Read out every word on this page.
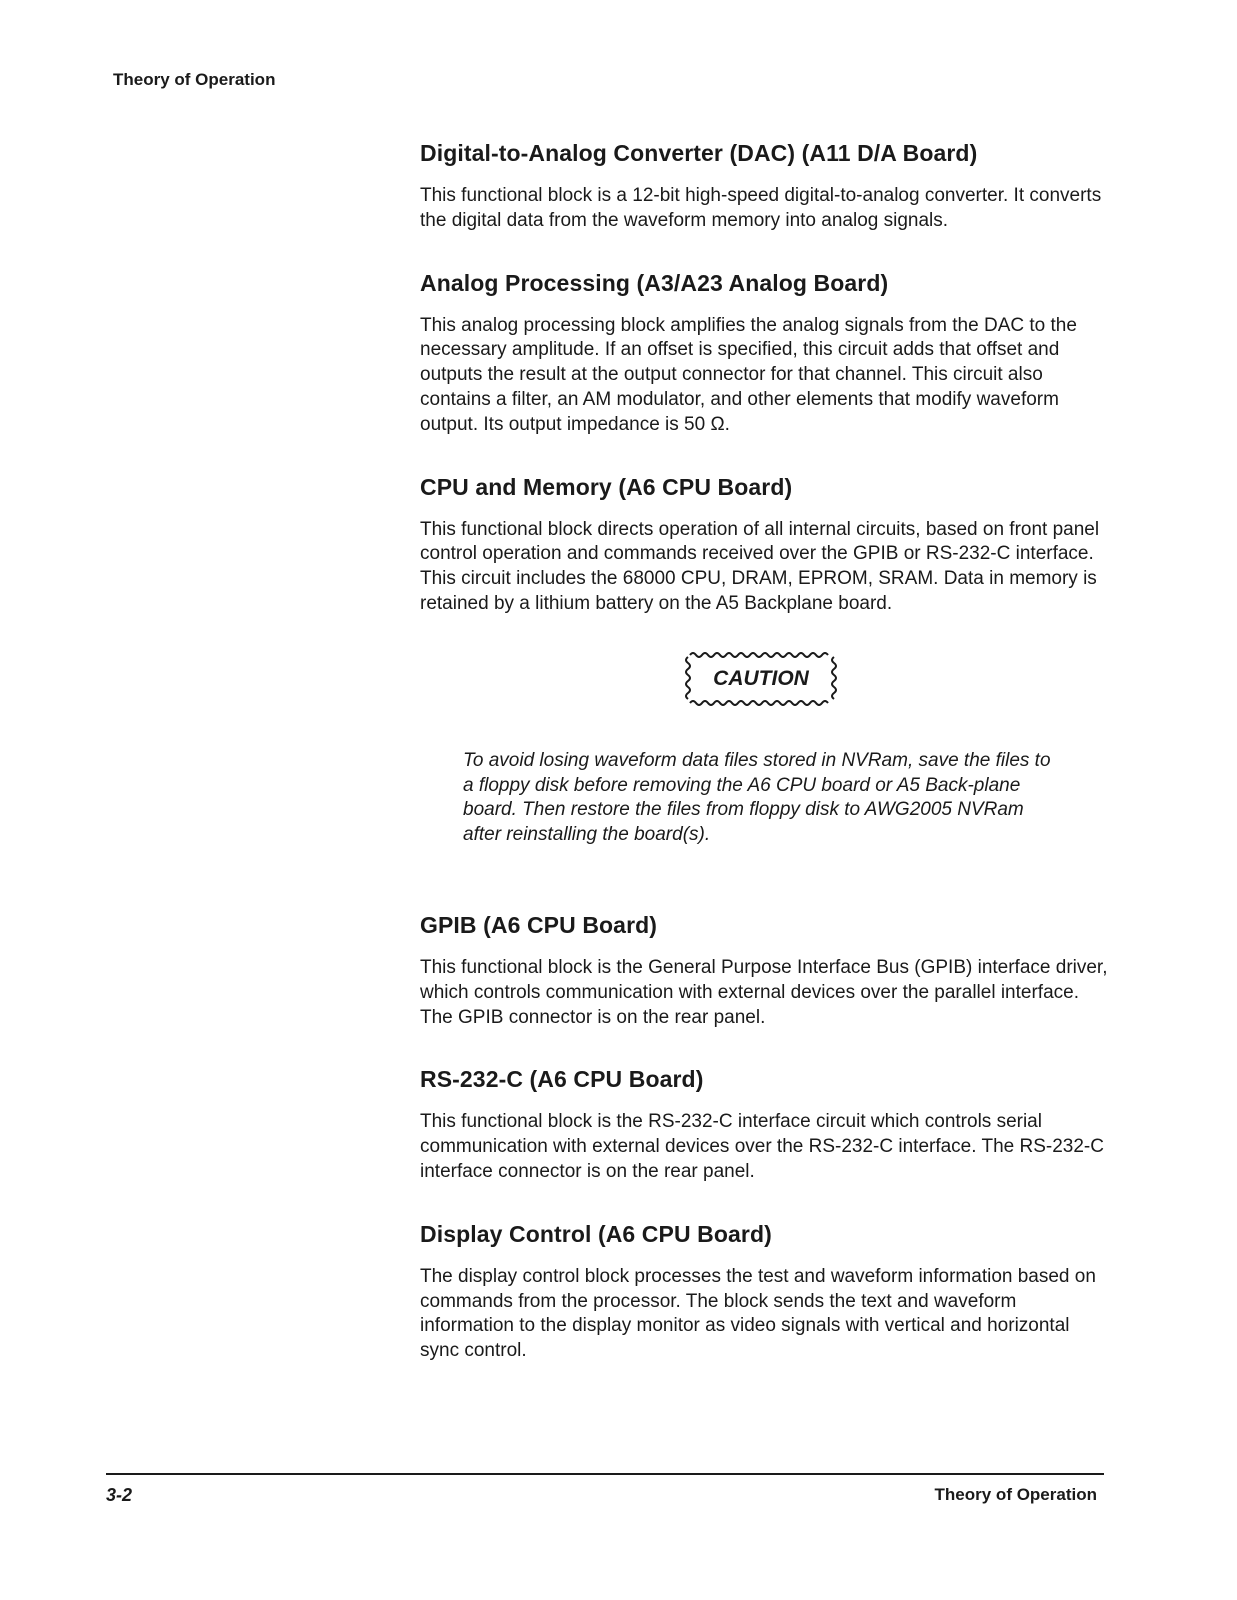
Theory of Operation
Digital-to-Analog Converter (DAC) (A11 D/A Board)

This functional block is a 12-bit high-speed digital-to-analog converter. It converts the digital data from the waveform memory into analog signals.

Analog Processing (A3/A23 Analog Board)

This analog processing block amplifies the analog signals from the DAC to the necessary amplitude. If an offset is specified, this circuit adds that offset and outputs the result at the output connector for that channel. This circuit also contains a filter, an AM modulator, and other elements that modify waveform output. Its output impedance is 50 Ω.

CPU and Memory (A6 CPU Board)

This functional block directs operation of all internal circuits, based on front panel control operation and commands received over the GPIB or RS-232-C interface. This circuit includes the 68000 CPU, DRAM, EPROM, SRAM. Data in memory is retained by a lithium battery on the A5 Backplane board.

CAUTION

To avoid losing waveform data files stored in NVRam, save the files to a floppy disk before removing the A6 CPU board or A5 Back-plane board. Then restore the files from floppy disk to AWG2005 NVRam after reinstalling the board(s).

GPIB (A6 CPU Board)

This functional block is the General Purpose Interface Bus (GPIB) interface driver, which controls communication with external devices over the parallel interface. The GPIB connector is on the rear panel.

RS-232-C (A6 CPU Board)

This functional block is the RS-232-C interface circuit which controls serial communication with external devices over the RS-232-C interface. The RS-232-C interface connector is on the rear panel.

Display Control (A6 CPU Board)

The display control block processes the test and waveform information based on commands from the processor. The block sends the text and waveform information to the display monitor as video signals with vertical and horizontal sync control.

3-2	Theory of Operation
